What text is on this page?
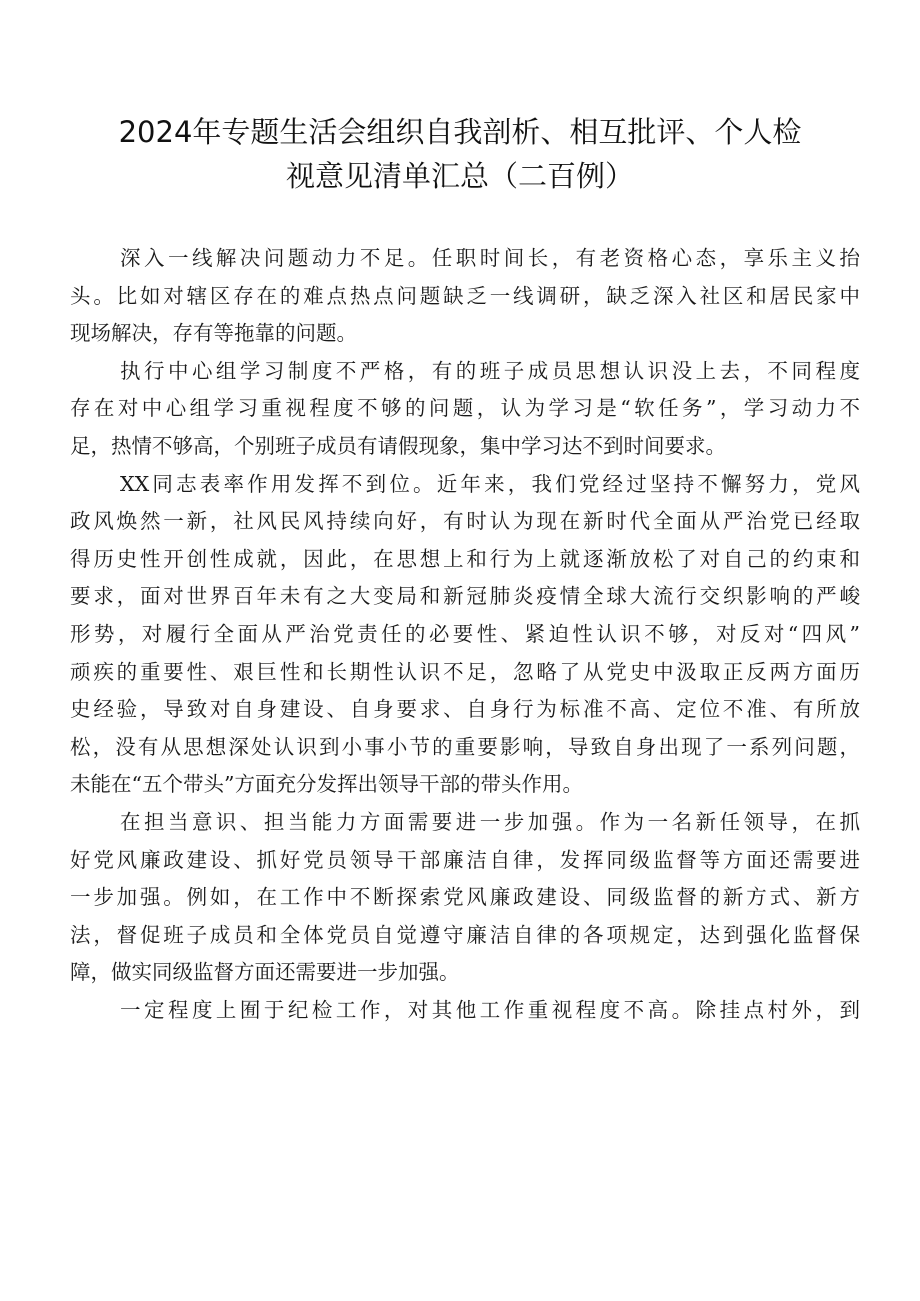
2024年专题生活会组织自我剖析、相互批评、个人检
视意见清单汇总（二百例）

深入一线解决问题动力不足。任职时间长，有老资格心态，享乐主义抬
头。比如对辖区存在的难点热点问题缺乏一线调研，缺乏深入社区和居民家中
现场解决，存有等拖靠的问题。

执行中心组学习制度不严格，有的班子成员思想认识没上去，不同程度
存在对中心组学习重视程度不够的问题，认为学习是“软任务”，学习动力不
足，热情不够高，个别班子成员有请假现象，集中学习达不到时间要求。

XX同志表率作用发挥不到位。近年来，我们党经过坚持不懈努力，党风
政风焕然一新，社风民风持续向好，有时认为现在新时代全面从严治党已经取
得历史性开创性成就，因此，在思想上和行为上就逐渐放松了对自己的约束和
要求，面对世界百年未有之大变局和新冠肺炎疫情全球大流行交织影响的严峻
形势，对履行全面从严治党责任的必要性、紧迫性认识不够，对反对“四风”
顽疾的重要性、艰巨性和长期性认识不足，忽略了从党史中汲取正反两方面历
史经验，导致对自身建设、自身要求、自身行为标准不高、定位不准、有所放
松，没有从思想深处认识到小事小节的重要影响，导致自身出现了一系列问题，
未能在“五个带头”方面充分发挥出领导干部的带头作用。

在担当意识、担当能力方面需要进一步加强。作为一名新任领导，在抓
好党风廉政建设、抓好党员领导干部廉洁自律，发挥同级监督等方面还需要进
一步加强。例如，在工作中不断探索党风廉政建设、同级监督的新方式、新方
法，督促班子成员和全体党员自觉遵守廉洁自律的各项规定，达到强化监督保
障，做实同级监督方面还需要进一步加强。

一定程度上囿于纪检工作，对其他工作重视程度不高。除挂点村外，到
